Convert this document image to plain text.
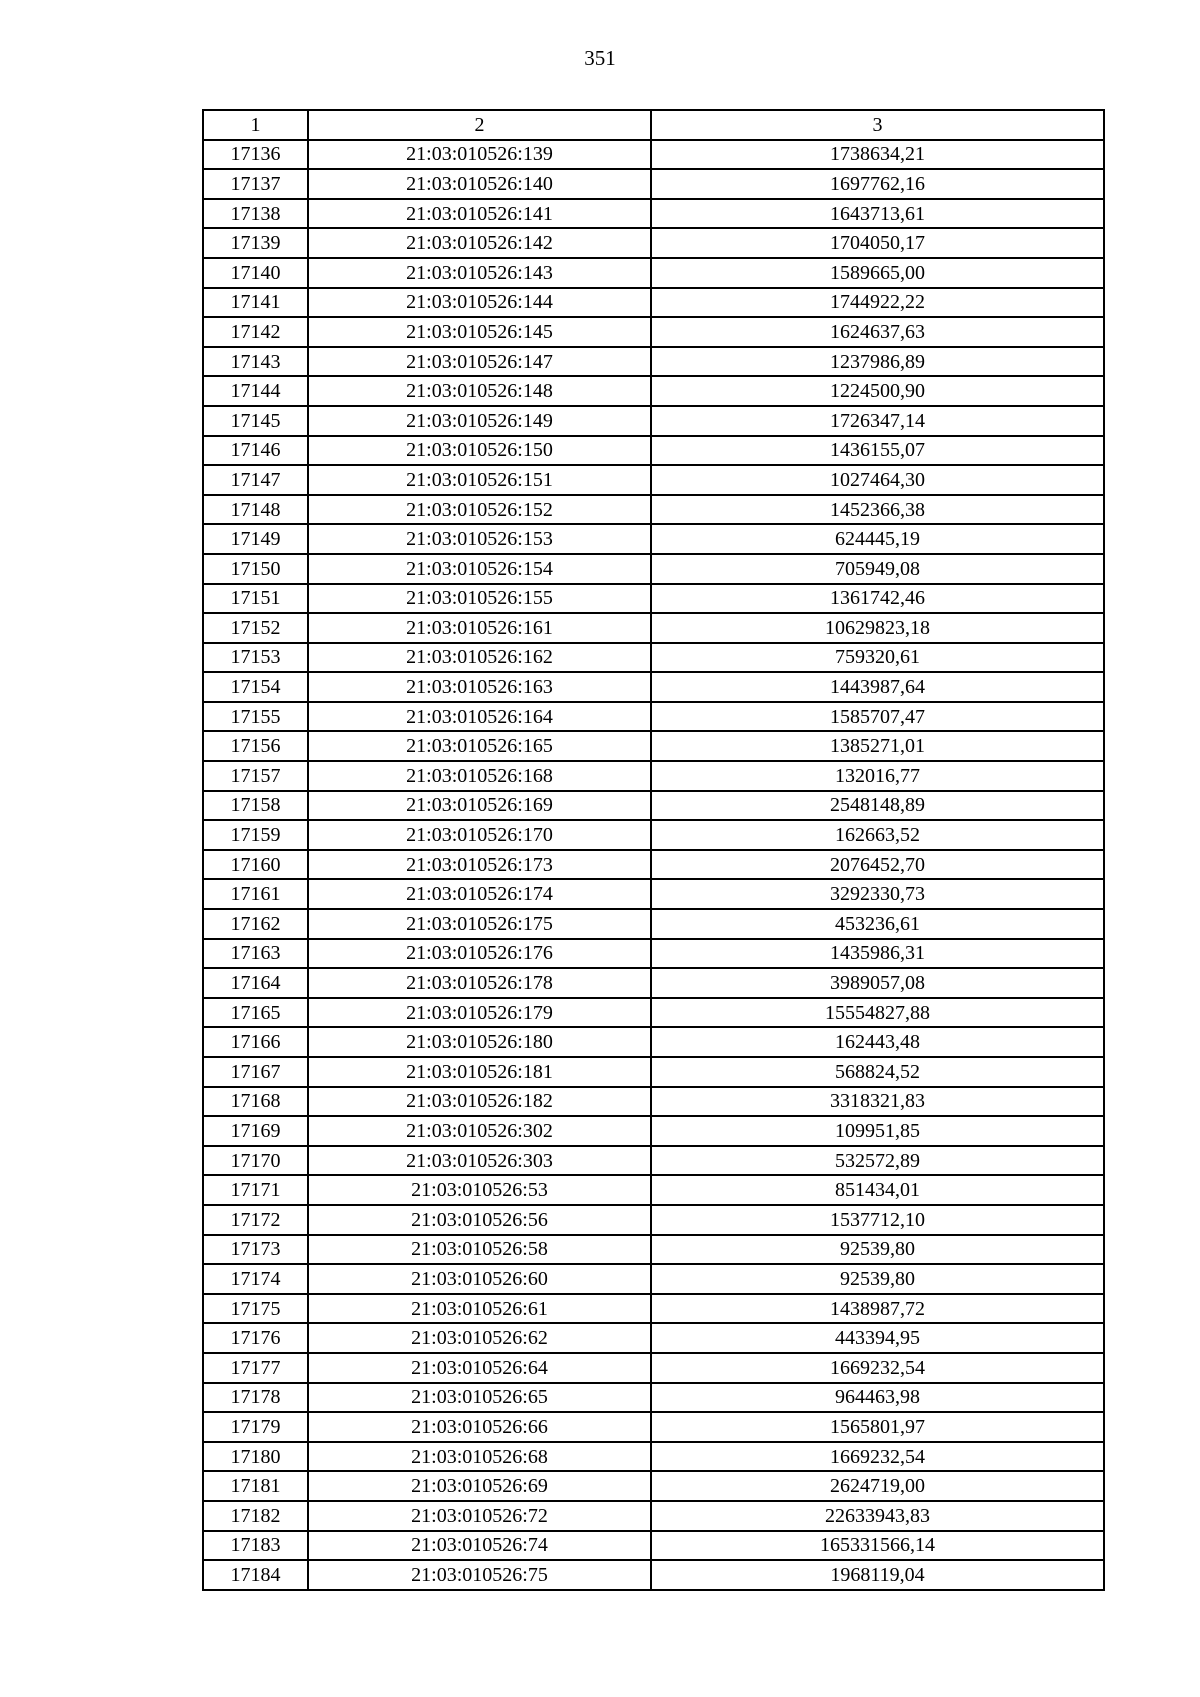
351
1	2	3
17136	21:03:010526:139	1738634,21
17137	21:03:010526:140	1697762,16
17138	21:03:010526:141	1643713,61
17139	21:03:010526:142	1704050,17
17140	21:03:010526:143	1589665,00
17141	21:03:010526:144	1744922,22
17142	21:03:010526:145	1624637,63
17143	21:03:010526:147	1237986,89
17144	21:03:010526:148	1224500,90
17145	21:03:010526:149	1726347,14
17146	21:03:010526:150	1436155,07
17147	21:03:010526:151	1027464,30
17148	21:03:010526:152	1452366,38
17149	21:03:010526:153	624445,19
17150	21:03:010526:154	705949,08
17151	21:03:010526:155	1361742,46
17152	21:03:010526:161	10629823,18
17153	21:03:010526:162	759320,61
17154	21:03:010526:163	1443987,64
17155	21:03:010526:164	1585707,47
17156	21:03:010526:165	1385271,01
17157	21:03:010526:168	132016,77
17158	21:03:010526:169	2548148,89
17159	21:03:010526:170	162663,52
17160	21:03:010526:173	2076452,70
17161	21:03:010526:174	3292330,73
17162	21:03:010526:175	453236,61
17163	21:03:010526:176	1435986,31
17164	21:03:010526:178	3989057,08
17165	21:03:010526:179	15554827,88
17166	21:03:010526:180	162443,48
17167	21:03:010526:181	568824,52
17168	21:03:010526:182	3318321,83
17169	21:03:010526:302	109951,85
17170	21:03:010526:303	532572,89
17171	21:03:010526:53	851434,01
17172	21:03:010526:56	1537712,10
17173	21:03:010526:58	92539,80
17174	21:03:010526:60	92539,80
17175	21:03:010526:61	1438987,72
17176	21:03:010526:62	443394,95
17177	21:03:010526:64	1669232,54
17178	21:03:010526:65	964463,98
17179	21:03:010526:66	1565801,97
17180	21:03:010526:68	1669232,54
17181	21:03:010526:69	2624719,00
17182	21:03:010526:72	22633943,83
17183	21:03:010526:74	165331566,14
17184	21:03:010526:75	1968119,04
